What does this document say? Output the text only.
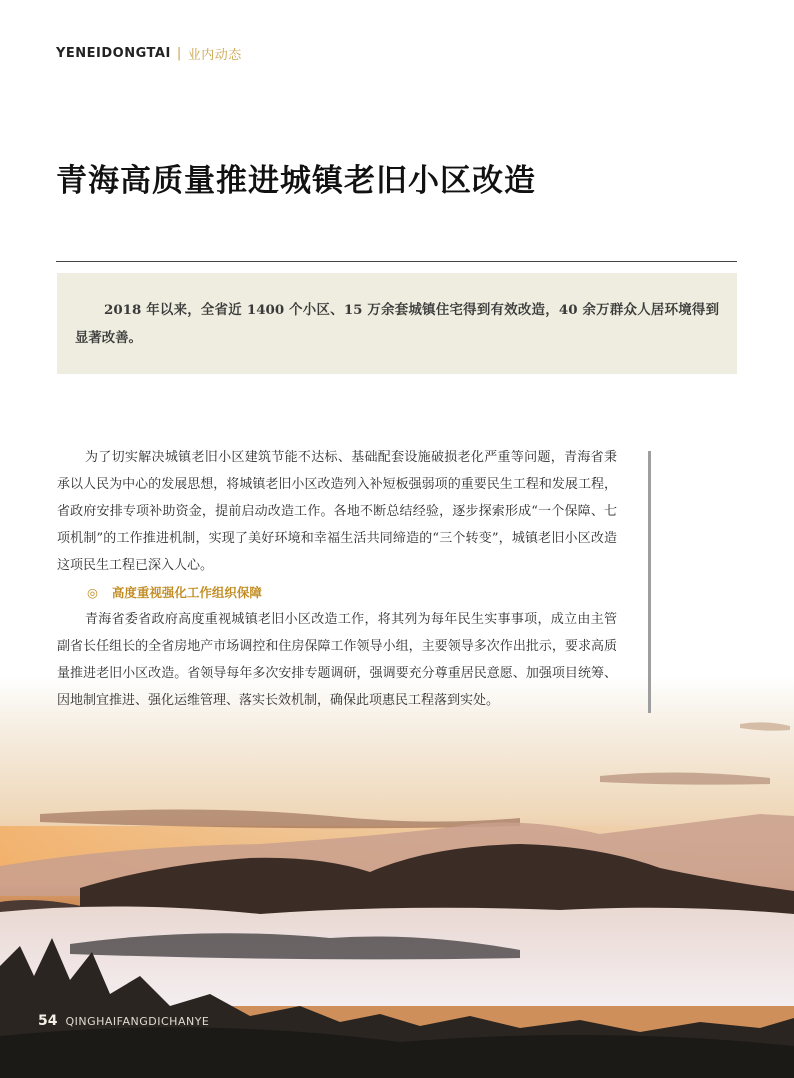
YENEIDONGTAI | 业内动态
青海高质量推进城镇老旧小区改造

2018 年以来，全省近 1400 个小区、15 万余套城镇住宅得到有效改造，40 余万群众人居环境得到显著改善。

为了切实解决城镇老旧小区建筑节能不达标、基础配套设施破损老化严重等问题，青海省秉承以人民为中心的发展思想，将城镇老旧小区改造列入补短板强弱项的重要民生工程和发展工程，省政府安排专项补助资金，提前启动改造工作。各地不断总结经验，逐步探索形成“一个保障、七项机制”的工作推进机制，实现了美好环境和幸福生活共同缔造的“三个转变”，城镇老旧小区改造这项民生工程已深入人心。

◎ 高度重视强化工作组织保障

青海省委省政府高度重视城镇老旧小区改造工作，将其列为每年民生实事事项，成立由主管副省长任组长的全省房地产市场调控和住房保障工作领导小组，主要领导多次作出批示，要求高质量推进老旧小区改造。省领导每年多次安排专题调研，强调要充分尊重居民意愿、加强项目统筹、因地制宜推进、强化运维管理、落实长效机制，确保此项惠民工程落到实处。

54 QINGHAIFANGDICHANYE
